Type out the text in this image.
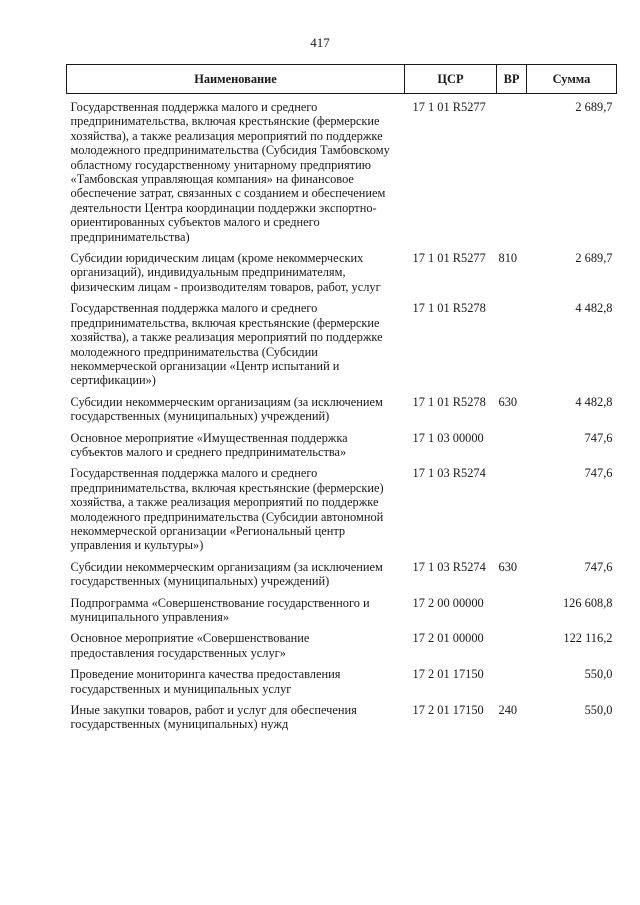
417
Наименование	ЦСР	ВР	Сумма
Государственная поддержка малого и среднего предпринимательства, включая крестьянские (фермерские хозяйства), а также реализация мероприятий по поддержке молодежного предпринимательства (Субсидия Тамбовскому областному государственному унитарному предприятию «Тамбовская управляющая компания» на финансовое обеспечение затрат, связанных с созданием и обеспечением деятельности Центра координации поддержки экспортно-ориентированных субъектов малого и среднего предпринимательства)	17 1 01 R5277		2 689,7
Субсидии юридическим лицам (кроме некоммерческих организаций), индивидуальным предпринимателям, физическим лицам - производителям товаров, работ, услуг	17 1 01 R5277	810	2 689,7
Государственная поддержка малого и среднего предпринимательства, включая крестьянские (фермерские хозяйства), а также реализация мероприятий по поддержке молодежного предпринимательства (Субсидии некоммерческой организации «Центр испытаний и сертификации»)	17 1 01 R5278		4 482,8
Субсидии некоммерческим организациям (за исключением государственных (муниципальных) учреждений)	17 1 01 R5278	630	4 482,8
Основное мероприятие «Имущественная поддержка субъектов малого и среднего предпринимательства»	17 1 03 00000		747,6
Государственная поддержка малого и среднего предпринимательства, включая крестьянские (фермерские) хозяйства, а также реализация мероприятий по поддержке молодежного предпринимательства (Субсидии автономной некоммерческой организации «Региональный центр управления и культуры»)	17 1 03 R5274		747,6
Субсидии некоммерческим организациям (за исключением государственных (муниципальных) учреждений)	17 1 03 R5274	630	747,6
Подпрограмма «Совершенствование государственного и муниципального управления»	17 2 00 00000		126 608,8
Основное мероприятие «Совершенствование предоставления государственных услуг»	17 2 01 00000		122 116,2
Проведение мониторинга качества предоставления государственных и муниципальных услуг	17 2 01 17150		550,0
Иные закупки товаров, работ и услуг для обеспечения государственных (муниципальных) нужд	17 2 01 17150	240	550,0
